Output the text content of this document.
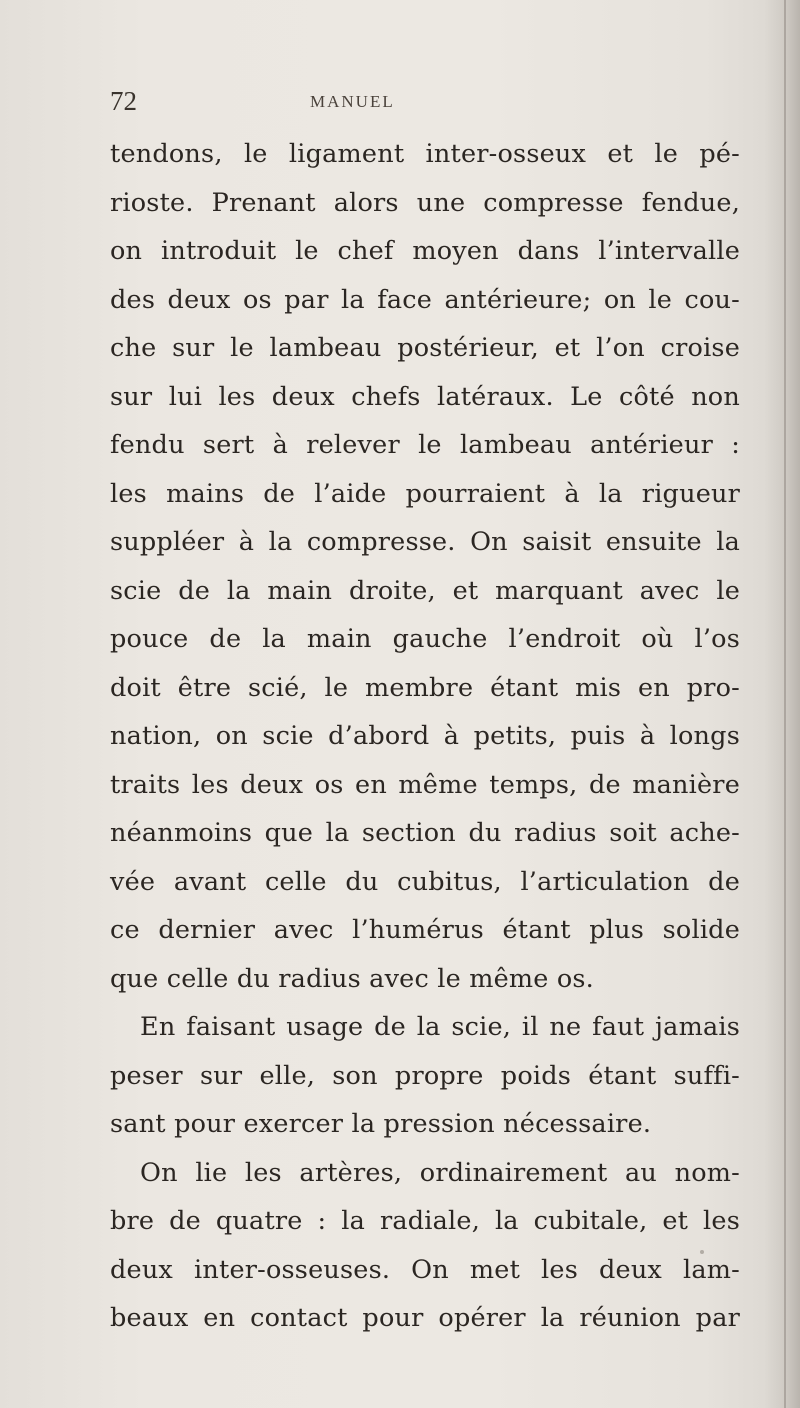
72	MANUEL
tendons, le ligament inter-osseux et le pé-
rioste. Prenant alors une compresse fendue,
on introduit le chef moyen dans l’intervalle
des deux os par la face antérieure; on le cou-
che sur le lambeau postérieur, et l’on croise
sur lui les deux chefs latéraux. Le côté non
fendu sert à relever le lambeau antérieur :
les mains de l’aide pourraient à la rigueur
suppléer à la compresse. On saisit ensuite la
scie de la main droite, et marquant avec le
pouce de la main gauche l’endroit où l’os
doit être scié, le membre étant mis en pro-
nation, on scie d’abord à petits, puis à longs
traits les deux os en même temps, de manière
néanmoins que la section du radius soit ache-
vée avant celle du cubitus, l’articulation de
ce dernier avec l’humérus étant plus solide
que celle du radius avec le même os.
En faisant usage de la scie, il ne faut jamais
peser sur elle, son propre poids étant suffi-
sant pour exercer la pression nécessaire.
On lie les artères, ordinairement au nom-
bre de quatre : la radiale, la cubitale, et les
deux inter-osseuses. On met les deux lam-
beaux en contact pour opérer la réunion par
